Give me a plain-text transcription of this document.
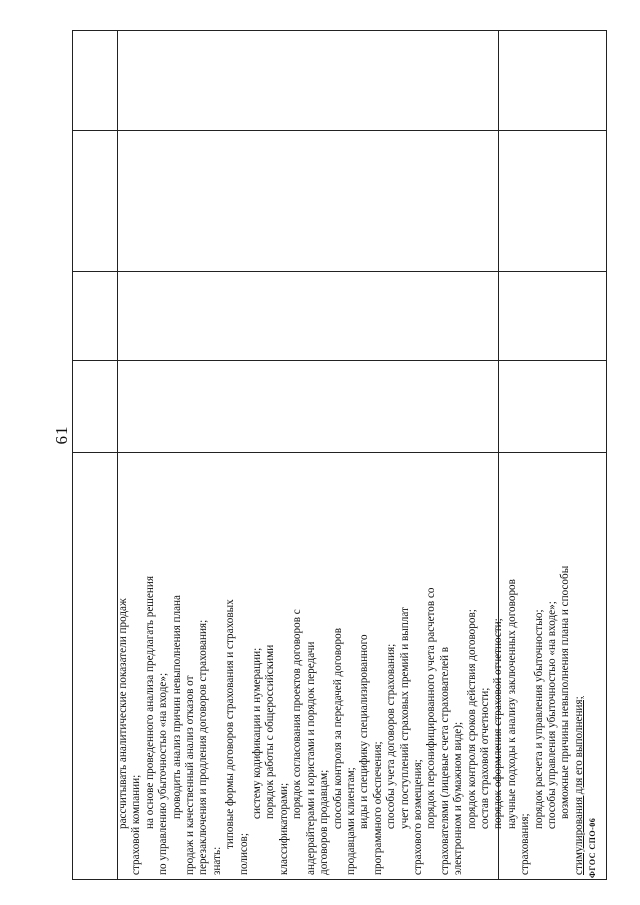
61
рассчитывать аналитические показатели продаж страховой компании; на основе проведенного анализа предлагать решения по управлению убыточностью «на входе»; проводить анализ причин невыполнения плана продаж и качественный анализ отказов от перезаключения и продления договоров страхования; знать:
типовые формы договоров страхования и страховых
полисов;
систему кодификации и нумерации; порядок работы с общероссийскими
классификаторами;
порядок согласования проектов договоров с андеррайтерами и юристами и порядок передачи договоров продавцам; способы контроля за передачей договоров продавцами клиентам; виды и специфику специализированного программного обеспечения; способы учета договоров страхования; учет поступлений страховых премий и выплат страхового возмещения; порядок персонифицированного учета расчетов со страхователями (лицевые счета страхователей в электронном и бумажном виде); порядок контроля сроков действия договоров; состав страховой отчетности; порядок оформления страховой отчетности; научные подходы к анализу заключенных договоров
страхования;
порядок расчета и управления убыточностью; способы управления убыточностью «на входе»; возможные причины невыполнения плана и способы стимулирования для его выполнения; ФГОС СПО-06
